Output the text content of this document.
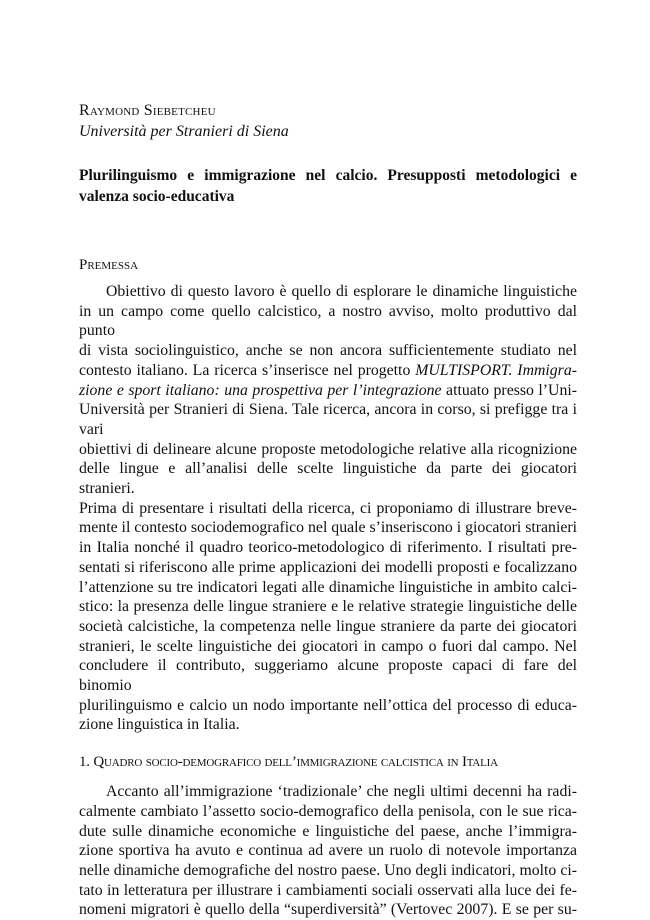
Raymond Siebetcheu
Università per Stranieri di Siena
Plurilinguismo e immigrazione nel calcio. Presupposti metodologici e valenza socio-educativa
Premessa
Obiettivo di questo lavoro è quello di esplorare le dinamiche linguistiche
in un campo come quello calcistico, a nostro avviso, molto produttivo dal punto
di vista sociolinguistico, anche se non ancora sufficientemente studiato nel
contesto italiano. La ricerca s’inserisce nel progetto MULTISPORT. Immigra-
zione e sport italiano: una prospettiva per l’integrazione attuato presso l’Uni-
Università per Stranieri di Siena. Tale ricerca, ancora in corso, si prefigge tra i vari
obiettivi di delineare alcune proposte metodologiche relative alla ricognizione
delle lingue e all’analisi delle scelte linguistiche da parte dei giocatori stranieri.
Prima di presentare i risultati della ricerca, ci proponiamo di illustrare breve-
mente il contesto sociodemografico nel quale s’inseriscono i giocatori stranieri
in Italia nonché il quadro teorico-metodologico di riferimento. I risultati pre-
sentati si riferiscono alle prime applicazioni dei modelli proposti e focalizzano
l’attenzione su tre indicatori legati alle dinamiche linguistiche in ambito calci-
stico: la presenza delle lingue straniere e le relative strategie linguistiche delle
società calcistiche, la competenza nelle lingue straniere da parte dei giocatori
stranieri, le scelte linguistiche dei giocatori in campo o fuori dal campo. Nel
concludere il contributo, suggeriamo alcune proposte capaci di fare del binomio
plurilinguismo e calcio un nodo importante nell’ottica del processo di educa-
zione linguistica in Italia.
1. Quadro socio-demografico dell’immigrazione calcistica in Italia
Accanto all’immigrazione ‘tradizionale’ che negli ultimi decenni ha radi-
calmente cambiato l’assetto socio-demografico della penisola, con le sue rica-
dute sulle dinamiche economiche e linguistiche del paese, anche l’immigra-
zione sportiva ha avuto e continua ad avere un ruolo di notevole importanza
nelle dinamiche demografiche del nostro paese. Uno degli indicatori, molto ci-
tato in letteratura per illustrare i cambiamenti sociali osservati alla luce dei fe-
nomeni migratori è quello della “superdiversità” (Vertovec 2007). E se per su-
